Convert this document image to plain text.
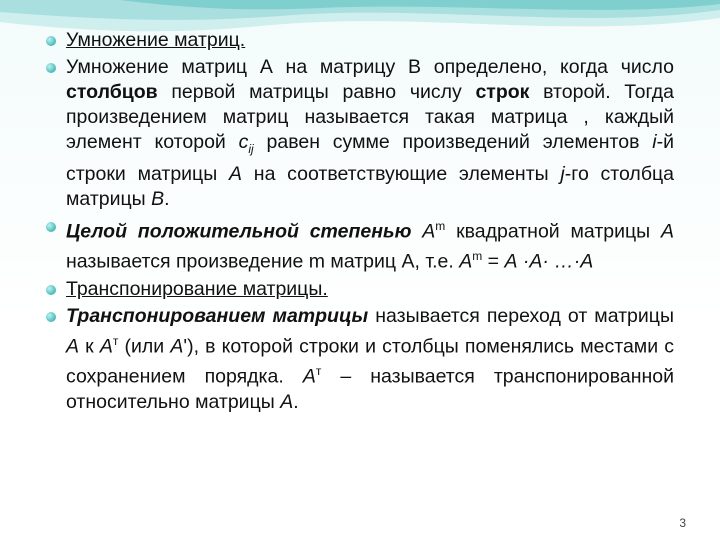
Умножение матриц.
Умножение матриц А на матрицу В определено, когда число столбцов первой матрицы равно числу строк второй. Тогда произведением матриц называется такая матрица , каждый элемент которой $c_{ij}$ равен сумме произведений элементов i-й строки матрицы А на соответствующие элементы j-го столбца матрицы В.
Целой положительной степенью $А^m$ квадратной матрицы А называется произведение m матриц А, т.е. $А^m = А \cdot А\cdot$ …·А
Транспонирование матрицы.
Транспонированием матрицы называется переход от матрицы А к $А^т$ (или А'), в которой строки и столбцы поменялись местами с сохранением порядка. $А^т$ – называется транспонированной относительно матрицы А.
3
